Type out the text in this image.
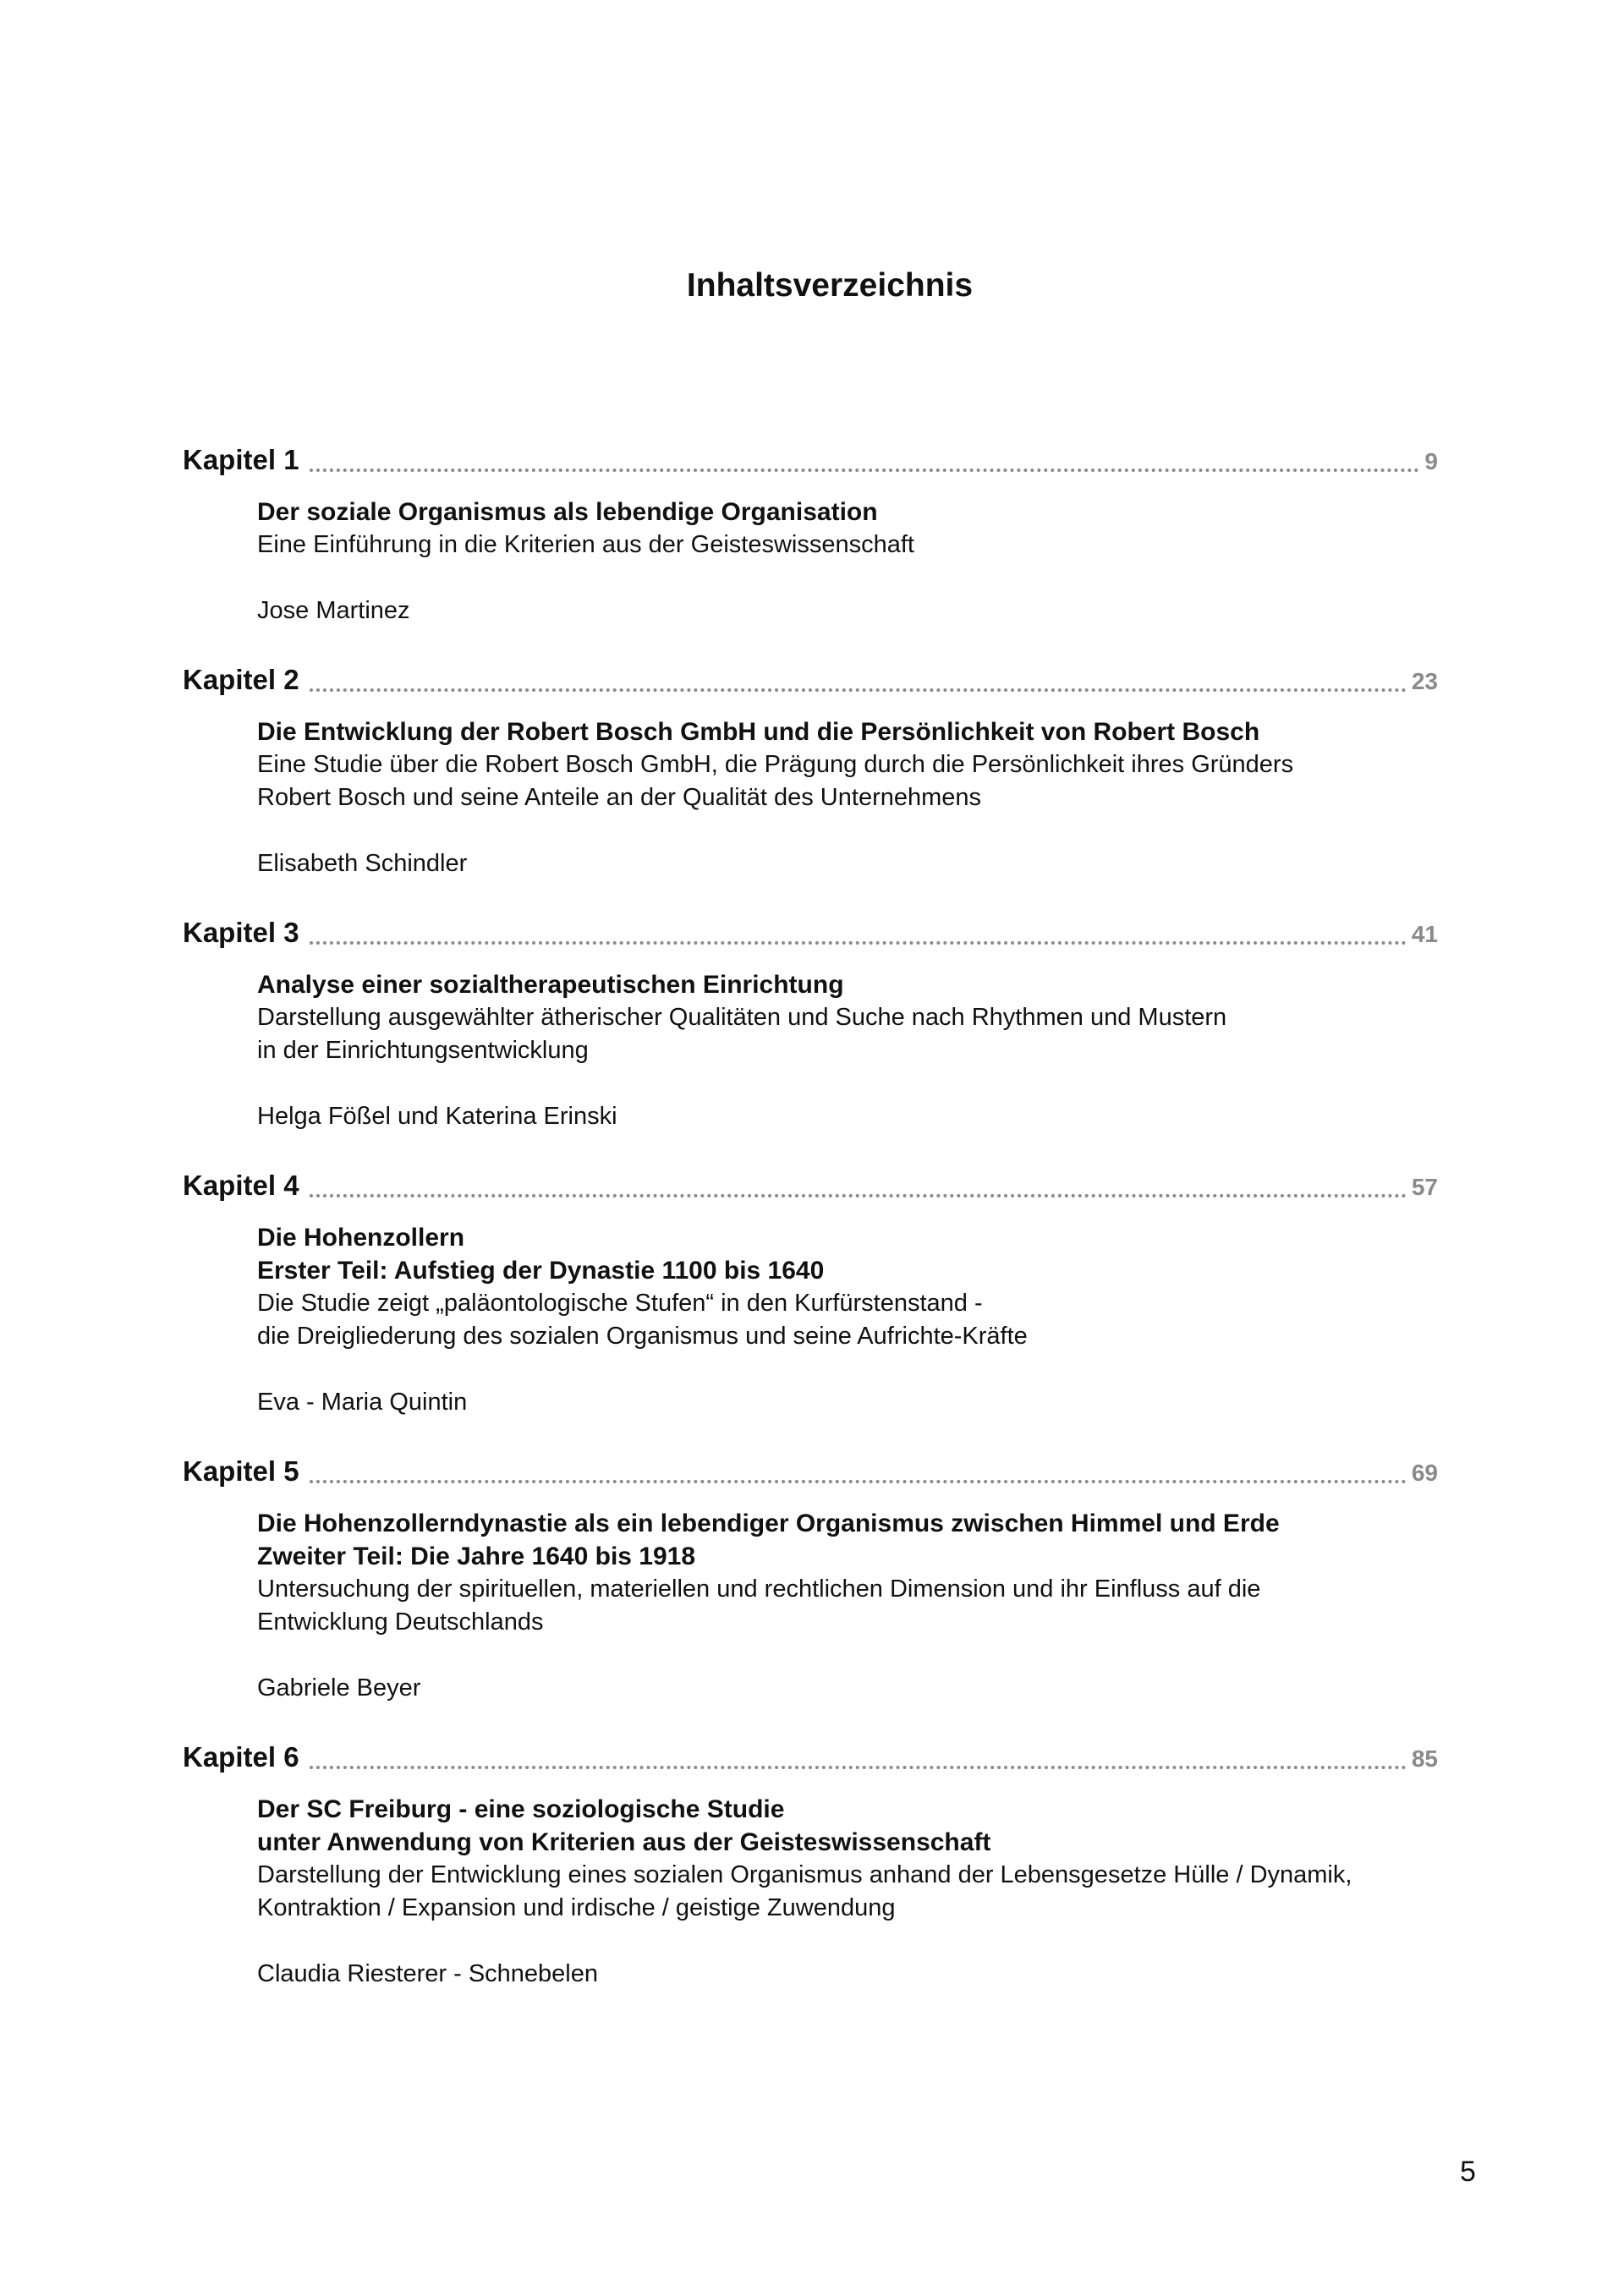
Inhaltsverzeichnis
Kapitel 1	9
Der soziale Organismus als lebendige Organisation
Eine Einführung in die Kriterien aus der Geisteswissenschaft
Jose Martinez
Kapitel 2	23
Die Entwicklung der Robert Bosch GmbH und die Persönlichkeit von Robert Bosch
Eine Studie über die Robert Bosch GmbH, die Prägung durch die Persönlichkeit ihres Gründers
Robert Bosch und seine Anteile an der Qualität des Unternehmens
Elisabeth Schindler
Kapitel 3	41
Analyse einer sozialtherapeutischen Einrichtung
Darstellung ausgewählter ätherischer Qualitäten und Suche nach Rhythmen und Mustern
in der Einrichtungsentwicklung
Helga Fößel und Katerina Erinski
Kapitel 4	57
Die Hohenzollern
Erster Teil: Aufstieg der Dynastie 1100 bis 1640
Die Studie zeigt „paläontologische Stufen“ in den Kurfürstenstand -
die Dreigliederung des sozialen Organismus und seine Aufrichte-Kräfte
Eva - Maria Quintin
Kapitel 5	69
Die Hohenzollerndynastie als ein lebendiger Organismus zwischen Himmel und Erde
Zweiter Teil: Die Jahre 1640 bis 1918
Untersuchung der spirituellen, materiellen und rechtlichen Dimension und ihr Einfluss auf die
Entwicklung Deutschlands
Gabriele Beyer
Kapitel 6	85
Der SC Freiburg - eine soziologische Studie
unter Anwendung von Kriterien aus der Geisteswissenschaft
Darstellung der Entwicklung eines sozialen Organismus anhand der Lebensgesetze Hülle / Dynamik,
Kontraktion / Expansion und irdische / geistige Zuwendung
Claudia Riesterer - Schnebelen
5
